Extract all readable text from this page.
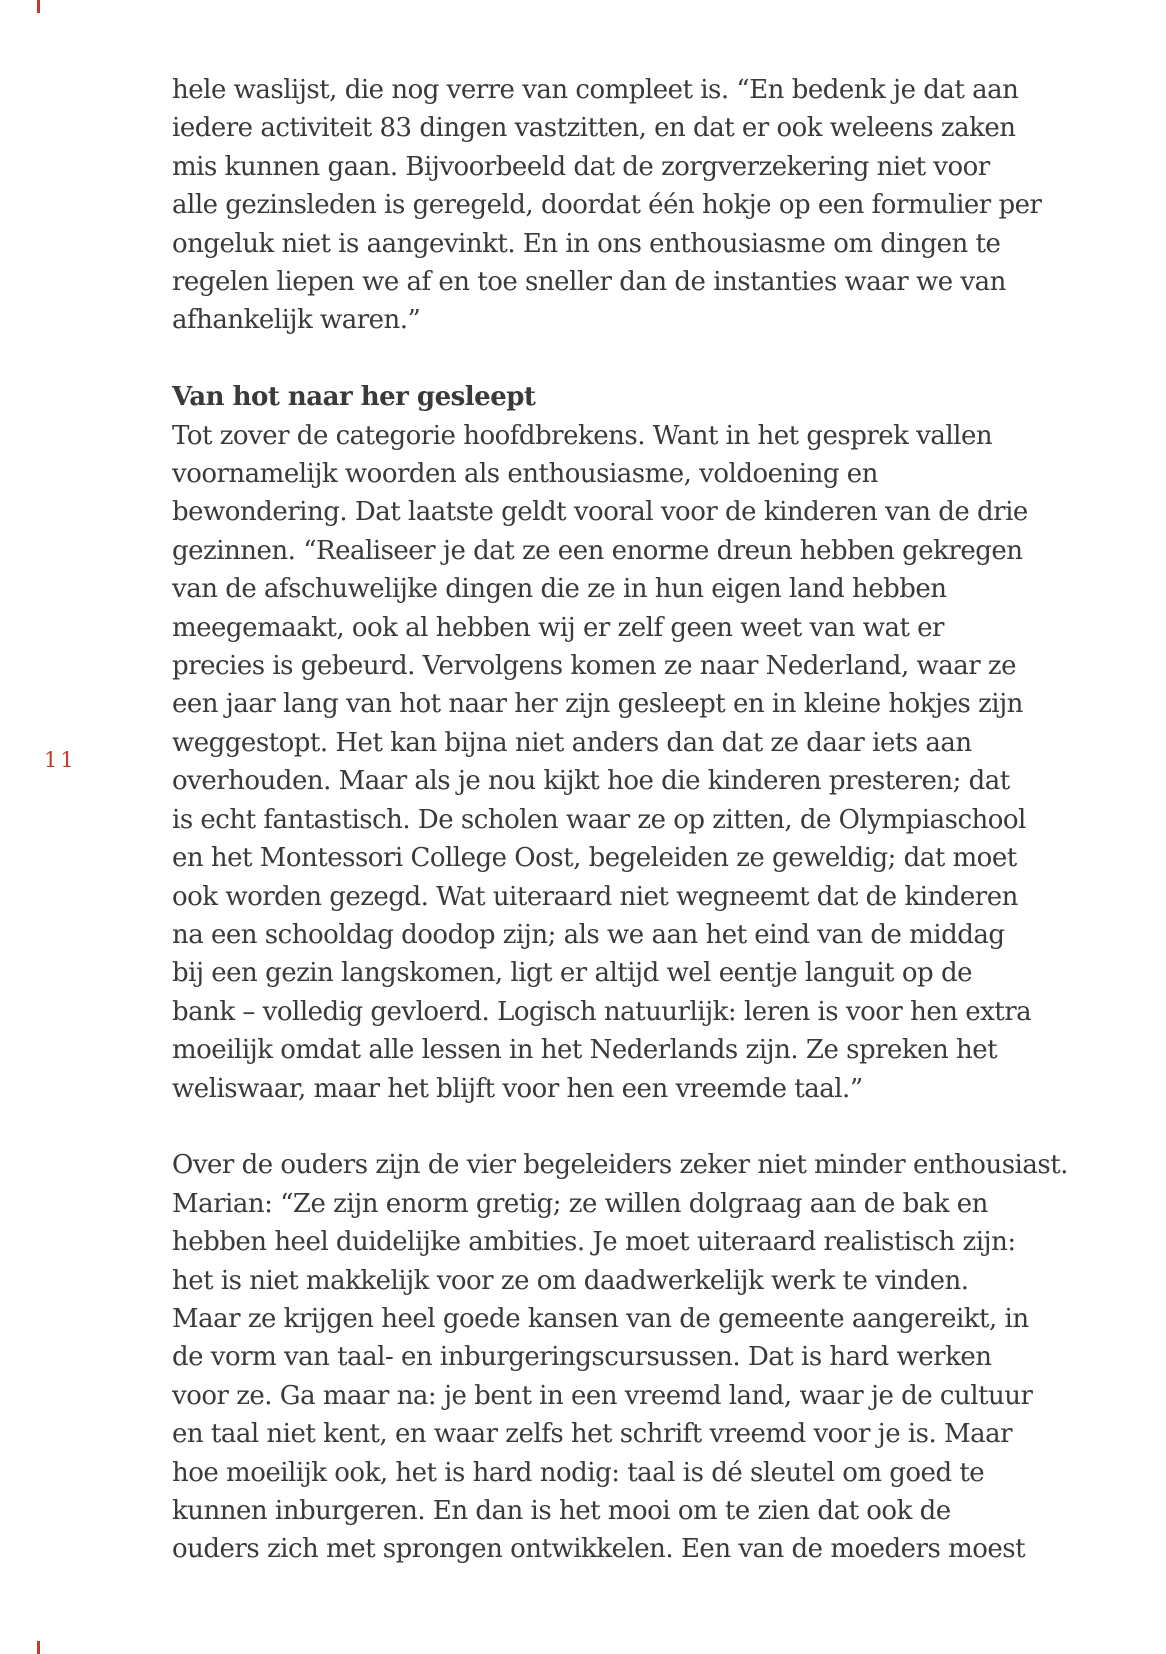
11
hele waslijst, die nog verre van compleet is. “En bedenk je dat aan
iedere activiteit 83 dingen vastzitten, en dat er ook weleens zaken
mis kunnen gaan. Bijvoorbeeld dat de zorgverzekering niet voor
alle gezinsleden is geregeld, doordat één hokje op een formulier per
ongeluk niet is aangevinkt. En in ons enthousiasme om dingen te
regelen liepen we af en toe sneller dan de instanties waar we van
afhankelijk waren.”
Van hot naar her gesleept
Tot zover de categorie hoofdbrekens. Want in het gesprek vallen
voornamelijk woorden als enthousiasme, voldoening en
bewondering. Dat laatste geldt vooral voor de kinderen van de drie
gezinnen. “Realiseer je dat ze een enorme dreun hebben gekregen
van de afschuwelijke dingen die ze in hun eigen land hebben
meegemaakt, ook al hebben wij er zelf geen weet van wat er
precies is gebeurd. Vervolgens komen ze naar Nederland, waar ze
een jaar lang van hot naar her zijn gesleept en in kleine hokjes zijn
weggestopt. Het kan bijna niet anders dan dat ze daar iets aan
overhouden. Maar als je nou kijkt hoe die kinderen presteren; dat
is echt fantastisch. De scholen waar ze op zitten, de Olympiaschool
en het Montessori College Oost, begeleiden ze geweldig; dat moet
ook worden gezegd. Wat uiteraard niet wegneemt dat de kinderen
na een schooldag doodop zijn; als we aan het eind van de middag
bij een gezin langskomen, ligt er altijd wel eentje languit op de
bank – volledig gevloerd. Logisch natuurlijk: leren is voor hen extra
moeilijk omdat alle lessen in het Nederlands zijn. Ze spreken het
weliswaar, maar het blijft voor hen een vreemde taal.”
Over de ouders zijn de vier begeleiders zeker niet minder enthousiast.
Marian: “Ze zijn enorm gretig; ze willen dolgraag aan de bak en
hebben heel duidelijke ambities. Je moet uiteraard realistisch zijn:
het is niet makkelijk voor ze om daadwerkelijk werk te vinden.
Maar ze krijgen heel goede kansen van de gemeente aangereikt, in
de vorm van taal- en inburgeringscursussen. Dat is hard werken
voor ze. Ga maar na: je bent in een vreemd land, waar je de cultuur
en taal niet kent, en waar zelfs het schrift vreemd voor je is. Maar
hoe moeilijk ook, het is hard nodig: taal is dé sleutel om goed te
kunnen inburgeren. En dan is het mooi om te zien dat ook de
ouders zich met sprongen ontwikkelen. Een van de moeders moest
